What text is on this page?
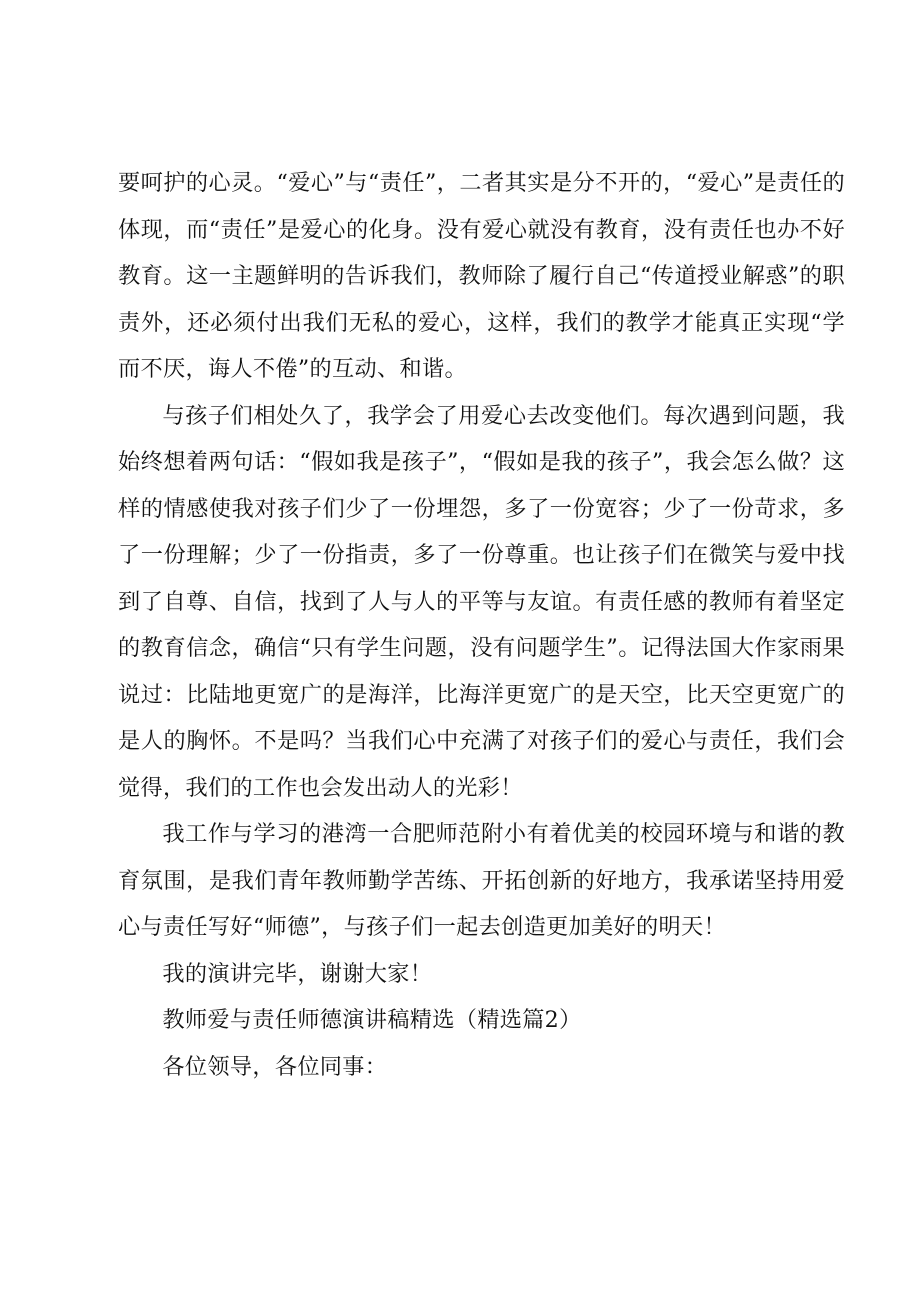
要呵护的心灵。“爱心”与“责任”，二者其实是分不开的，“爱心”是责任的体现，而“责任”是爱心的化身。没有爱心就没有教育，没有责任也办不好教育。这一主题鲜明的告诉我们，教师除了履行自己“传道授业解惑”的职责外，还必须付出我们无私的爱心，这样，我们的教学才能真正实现“学而不厌，诲人不倦”的互动、和谐。

与孩子们相处久了，我学会了用爱心去改变他们。每次遇到问题，我始终想着两句话：“假如我是孩子”，“假如是我的孩子”，我会怎么做？这样的情感使我对孩子们少了一份埋怨，多了一份宽容；少了一份苛求，多了一份理解；少了一份指责，多了一份尊重。也让孩子们在微笑与爱中找到了自尊、自信，找到了人与人的平等与友谊。有责任感的教师有着坚定的教育信念，确信“只有学生问题，没有问题学生”。记得法国大作家雨果说过：比陆地更宽广的是海洋，比海洋更宽广的是天空，比天空更宽广的是人的胸怀。不是吗？当我们心中充满了对孩子们的爱心与责任，我们会觉得，我们的工作也会发出动人的光彩！

我工作与学习的港湾一合肥师范附小有着优美的校园环境与和谐的教育氛围，是我们青年教师勤学苦练、开拓创新的好地方，我承诺坚持用爱心与责任写好“师德”，与孩子们一起去创造更加美好的明天！

我的演讲完毕，谢谢大家！

教师爱与责任师德演讲稿精选（精选篇2）

各位领导，各位同事：
